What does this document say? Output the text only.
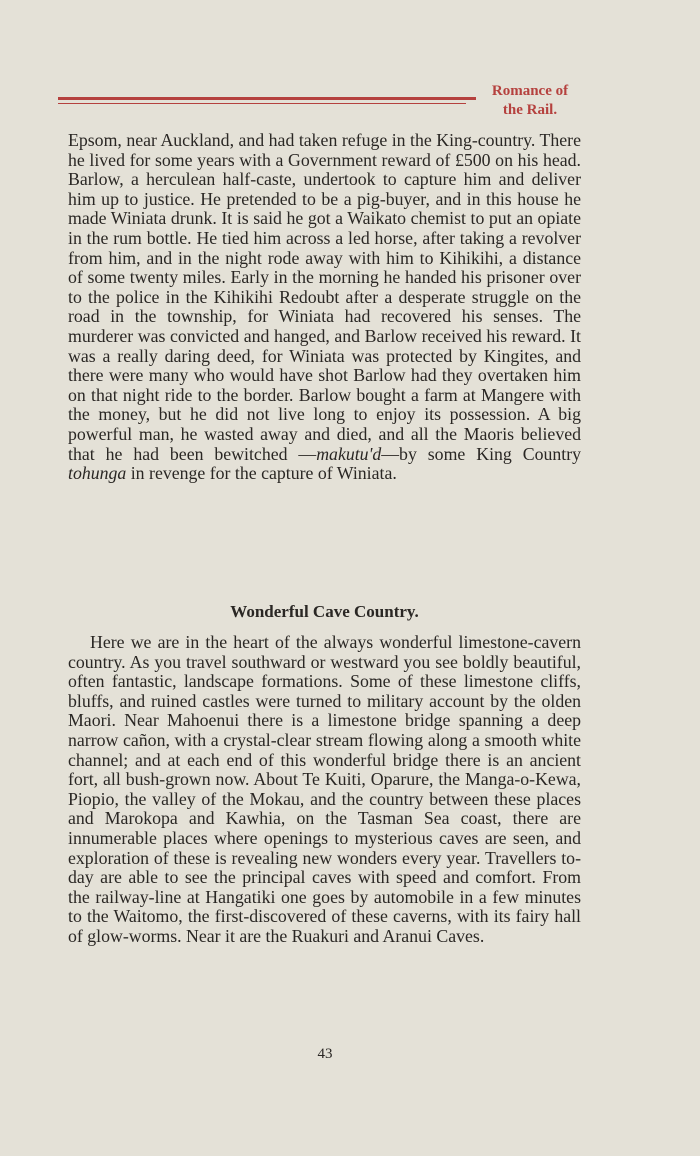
Romance of
the Rail.

Epsom, near Auckland, and had taken refuge in the King-country. There he lived for some years with a Government reward of £500 on his head. Barlow, a herculean half-caste, undertook to capture him and deliver him up to justice. He pretended to be a pig-buyer, and in this house he made Winiata drunk. It is said he got a Waikato chemist to put an opiate in the rum bottle. He tied him across a led horse, after taking a revolver from him, and in the night rode away with him to Kihikihi, a distance of some twenty miles. Early in the morning he handed his prisoner over to the police in the Kihikihi Redoubt after a desperate struggle on the road in the township, for Winiata had recovered his senses. The murderer was convicted and hanged, and Barlow received his reward. It was a really daring deed, for Winiata was protected by Kingites, and there were many who would have shot Barlow had they overtaken him on that night ride to the border. Barlow bought a farm at Mangere with the money, but he did not live long to enjoy its possession. A big powerful man, he wasted away and died, and all the Maoris believed that he had been bewitched —makutu'd—by some King Country tohunga in revenge for the capture of Winiata.

Wonderful Cave Country.

Here we are in the heart of the always wonderful limestone-cavern country. As you travel southward or westward you see boldly beautiful, often fantastic, landscape formations. Some of these limestone cliffs, bluffs, and ruined castles were turned to military account by the olden Maori. Near Mahoenui there is a limestone bridge spanning a deep narrow cañon, with a crystal-clear stream flowing along a smooth white channel; and at each end of this wonderful bridge there is an ancient fort, all bush-grown now. About Te Kuiti, Oparure, the Manga-o-Kewa, Piopio, the valley of the Mokau, and the country between these places and Marokopa and Kawhia, on the Tasman Sea coast, there are innumerable places where openings to mysterious caves are seen, and exploration of these is revealing new wonders every year. Travellers to-day are able to see the principal caves with speed and comfort. From the railway-line at Hangatiki one goes by automobile in a few minutes to the Waitomo, the first-discovered of these caverns, with its fairy hall of glow-worms. Near it are the Ruakuri and Aranui Caves.

43
